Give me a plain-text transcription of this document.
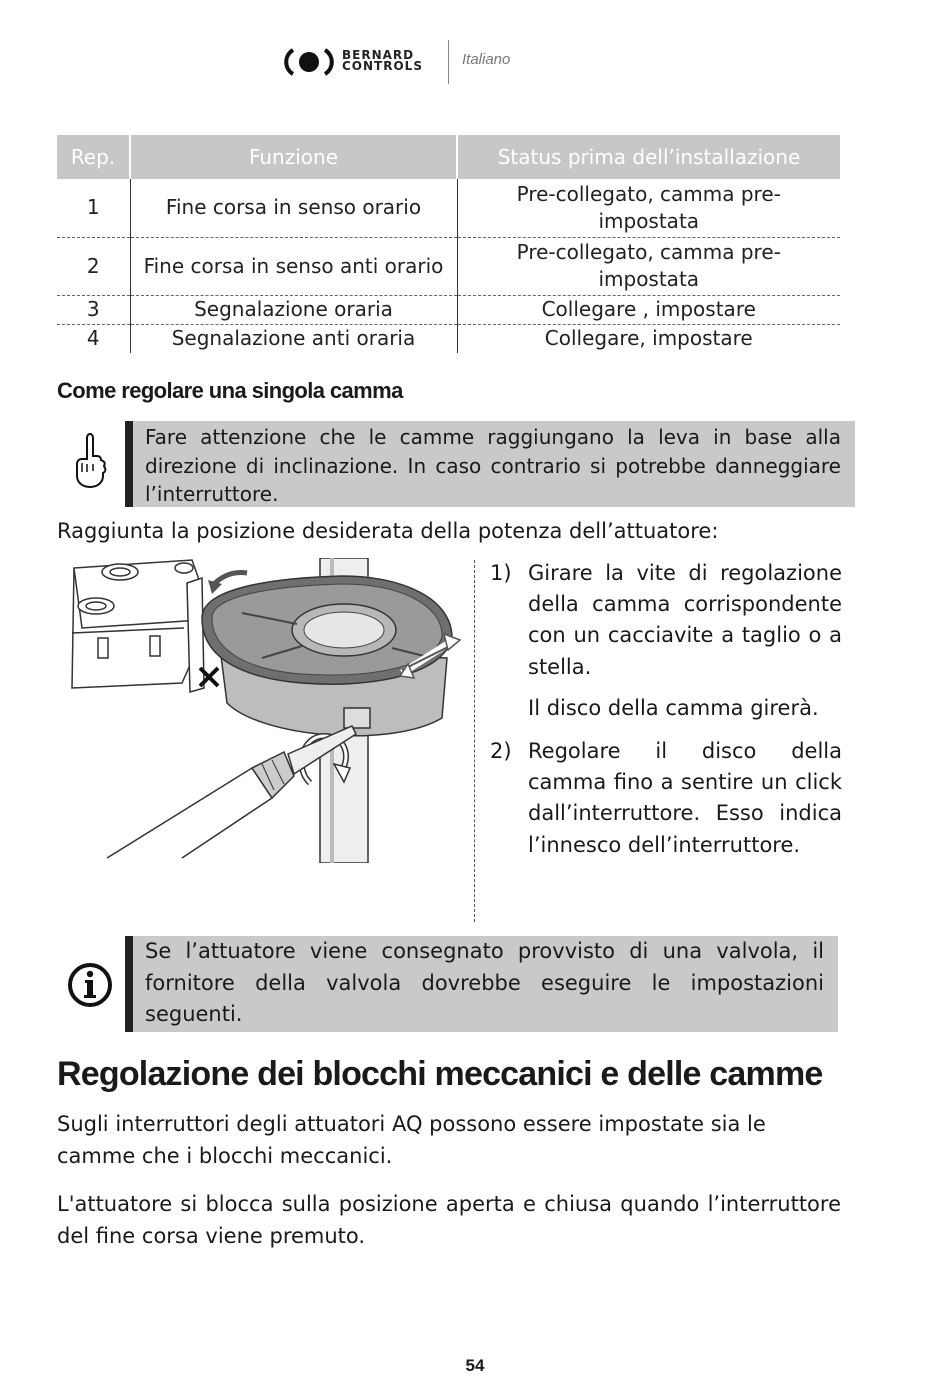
BERNARD
CONTROLS	Italiano
Rep.	Funzione	Status prima dell’installazione
1	Fine corsa in senso orario	Pre-collegato, camma pre-impostata
2	Fine corsa in senso anti orario	Pre-collegato, camma pre-impostata
3	Segnalazione oraria	Collegare , impostare
4	Segnalazione anti oraria	Collegare, impostare
Come regolare una singola camma
Fare attenzione che le camme raggiungano la leva in base alla direzione di inclinazione. In caso contrario si potrebbe danneggiare l’interruttore.
Raggiunta la posizione desiderata della potenza dell’attuatore:
1) Girare la vite di regolazione della camma corrispondente con un cacciavite a taglio o a stella.
Il disco della camma girerà.
2) Regolare il disco della camma fino a sentire un click dall’interruttore. Esso indica l’innesco dell’interruttore.
Se l’attuatore viene consegnato provvisto di una valvola, il fornitore della valvola dovrebbe eseguire le impostazioni seguenti.
Regolazione dei blocchi meccanici e delle camme
Sugli interruttori degli attuatori AQ possono essere impostate sia le camme che i blocchi meccanici.
L'attuatore si blocca sulla posizione aperta e chiusa quando l’interruttore del fine corsa viene premuto.
54
